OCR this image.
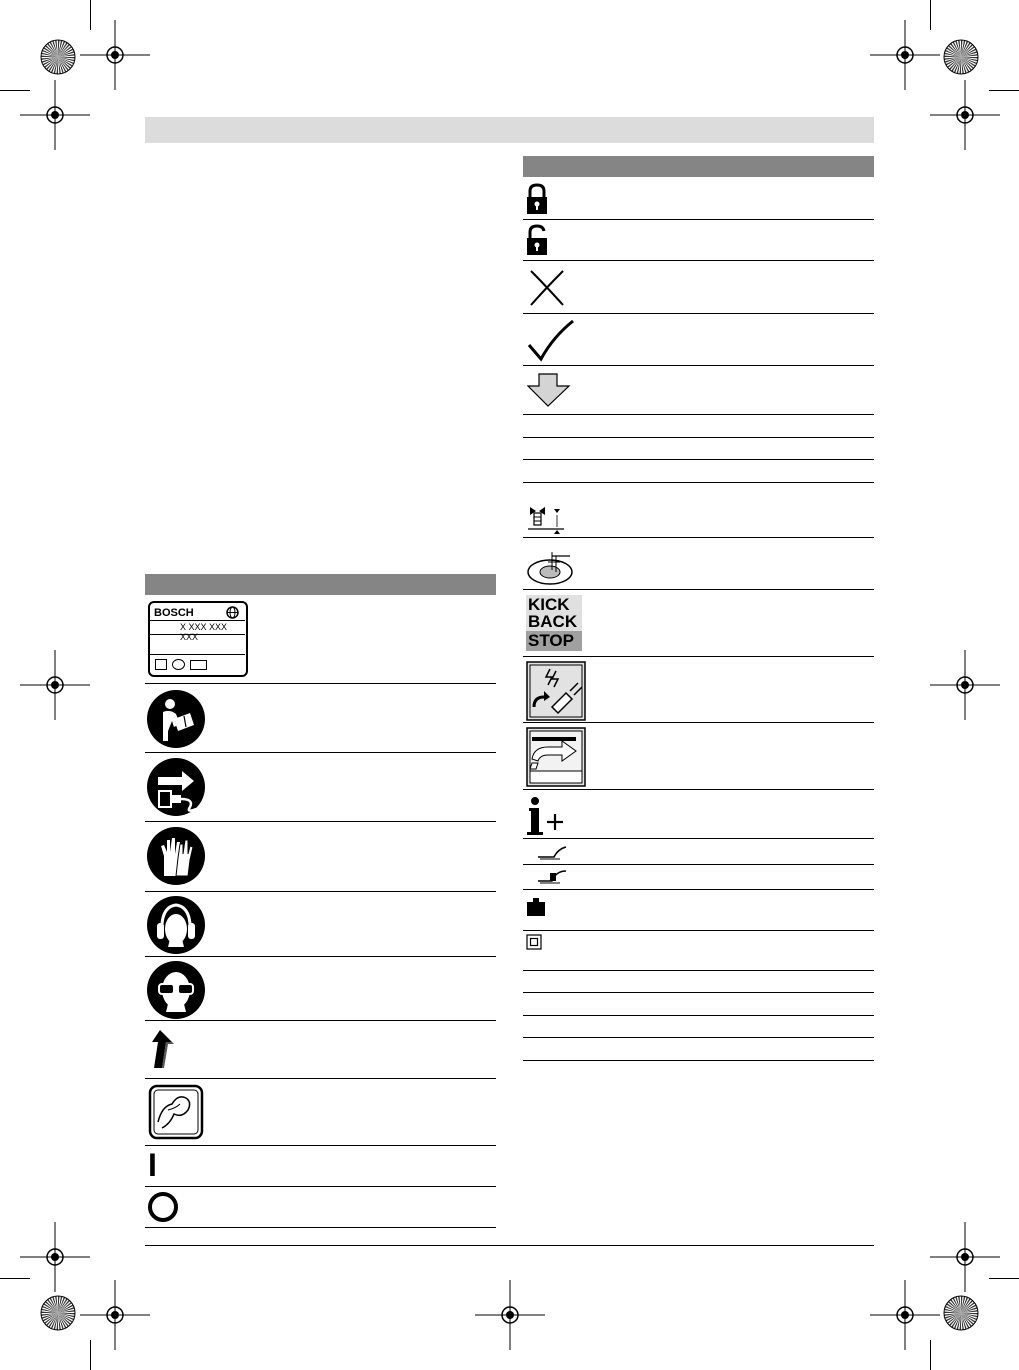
BOSCH
X XXX XXX XXX
I
KICK
BACK
STOP
